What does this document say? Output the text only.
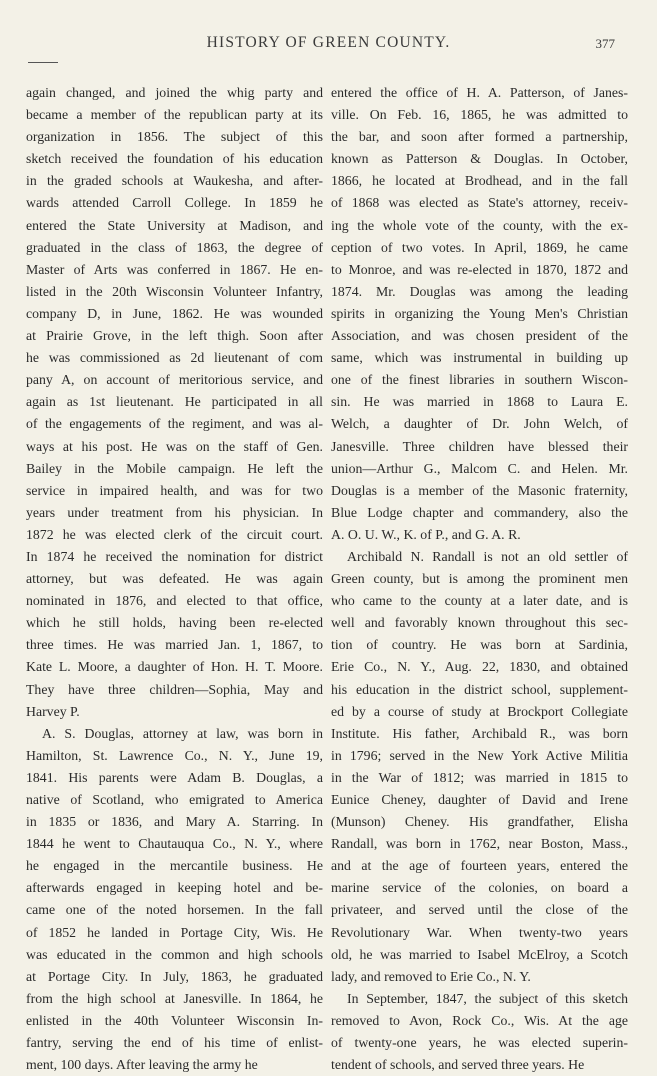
HISTORY OF GREEN COUNTY.	377
again changed, and joined the whig party and
became a member of the republican party at its
organization in 1856. The subject of this
sketch received the foundation of his education
in the graded schools at Waukesha, and after-
wards attended Carroll College. In 1859 he
entered the State University at Madison, and
graduated in the class of 1863, the degree of
Master of Arts was conferred in 1867. He en-
listed in the 20th Wisconsin Volunteer Infantry,
company D, in June, 1862. He was wounded
at Prairie Grove, in the left thigh. Soon after
he was commissioned as 2d lieutenant of com
pany A, on account of meritorious service, and
again as 1st lieutenant. He participated in all
of the engagements of the regiment, and was al-
ways at his post. He was on the staff of Gen.
Bailey in the Mobile campaign. He left the
service in impaired health, and was for two
years under treatment from his physician. In
1872 he was elected clerk of the circuit court.
In 1874 he received the nomination for district
attorney, but was defeated. He was again
nominated in 1876, and elected to that office,
which he still holds, having been re-elected
three times. He was married Jan. 1, 1867, to
Kate L. Moore, a daughter of Hon. H. T. Moore.
They have three children—Sophia, May and
Harvey P.
A. S. Douglas, attorney at law, was born in
Hamilton, St. Lawrence Co., N. Y., June 19,
1841. His parents were Adam B. Douglas, a
native of Scotland, who emigrated to America
in 1835 or 1836, and Mary A. Starring. In
1844 he went to Chautauqua Co., N. Y., where
he engaged in the mercantile business. He
afterwards engaged in keeping hotel and be-
came one of the noted horsemen. In the fall
of 1852 he landed in Portage City, Wis. He
was educated in the common and high schools
at Portage City. In July, 1863, he graduated
from the high school at Janesville. In 1864, he
enlisted in the 40th Volunteer Wisconsin In-
fantry, serving the end of his time of enlist-
ment, 100 days. After leaving the army he
entered the office of H. A. Patterson, of Janes-
ville. On Feb. 16, 1865, he was admitted to
the bar, and soon after formed a partnership,
known as Patterson & Douglas. In October,
1866, he located at Brodhead, and in the fall
of 1868 was elected as State's attorney, receiv-
ing the whole vote of the county, with the ex-
ception of two votes. In April, 1869, he came
to Monroe, and was re-elected in 1870, 1872 and
1874. Mr. Douglas was among the leading
spirits in organizing the Young Men's Christian
Association, and was chosen president of the
same, which was instrumental in building up
one of the finest libraries in southern Wiscon-
sin. He was married in 1868 to Laura E.
Welch, a daughter of Dr. John Welch, of
Janesville. Three children have blessed their
union—Arthur G., Malcom C. and Helen. Mr.
Douglas is a member of the Masonic fraternity,
Blue Lodge chapter and commandery, also the
A. O. U. W., K. of P., and G. A. R.
Archibald N. Randall is not an old settler of
Green county, but is among the prominent men
who came to the county at a later date, and is
well and favorably known throughout this sec-
tion of country. He was born at Sardinia,
Erie Co., N. Y., Aug. 22, 1830, and obtained
his education in the district school, supplement-
ed by a course of study at Brockport Collegiate
Institute. His father, Archibald R., was born
in 1796; served in the New York Active Militia
in the War of 1812; was married in 1815 to
Eunice Cheney, daughter of David and Irene
(Munson) Cheney. His grandfather, Elisha
Randall, was born in 1762, near Boston, Mass.,
and at the age of fourteen years, entered the
marine service of the colonies, on board a
privateer, and served until the close of the
Revolutionary War. When twenty-two years
old, he was married to Isabel McElroy, a Scotch
lady, and removed to Erie Co., N. Y.
In September, 1847, the subject of this sketch
removed to Avon, Rock Co., Wis. At the age
of twenty-one years, he was elected superin-
tendent of schools, and served three years. He
